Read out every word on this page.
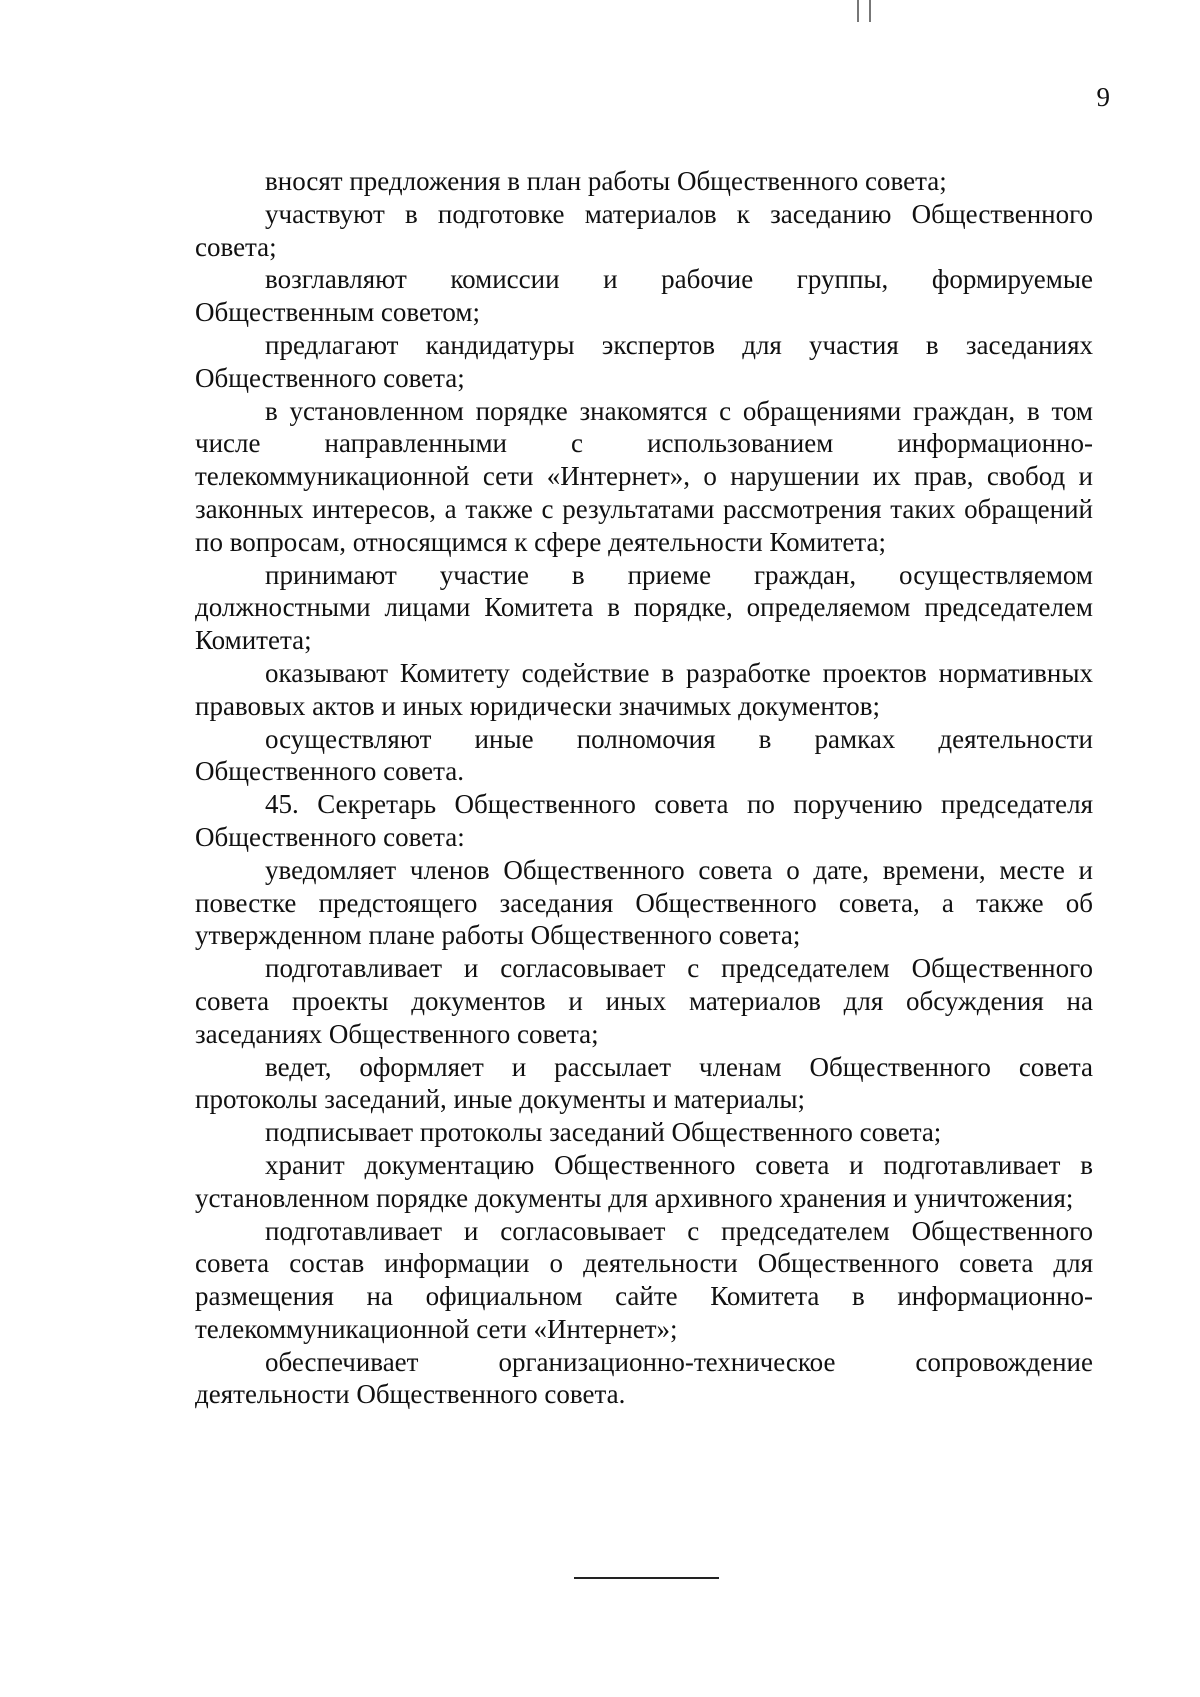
9

вносят предложения в план работы Общественного совета;

участвуют в подготовке материалов к заседанию Общественного совета;

возглавляют комиссии и рабочие группы, формируемые Общественным советом;

предлагают кандидатуры экспертов для участия в заседаниях Общественного совета;

в установленном порядке знакомятся с обращениями граждан, в том числе направленными с использованием информационно-телекоммуникационной сети «Интернет», о нарушении их прав, свобод и законных интересов, а также с результатами рассмотрения таких обращений по вопросам, относящимся к сфере деятельности Комитета;

принимают участие в приеме граждан, осуществляемом должностными лицами Комитета в порядке, определяемом председателем Комитета;

оказывают Комитету содействие в разработке проектов нормативных правовых актов и иных юридически значимых документов;

осуществляют иные полномочия в рамках деятельности Общественного совета.

45. Секретарь Общественного совета по поручению председателя Общественного совета:

уведомляет членов Общественного совета о дате, времени, месте и повестке предстоящего заседания Общественного совета, а также об утвержденном плане работы Общественного совета;

подготавливает и согласовывает с председателем Общественного совета проекты документов и иных материалов для обсуждения на заседаниях Общественного совета;

ведет, оформляет и рассылает членам Общественного совета протоколы заседаний, иные документы и материалы;

подписывает протоколы заседаний Общественного совета;

хранит документацию Общественного совета и подготавливает в установленном порядке документы для архивного хранения и уничтожения;

подготавливает и согласовывает с председателем Общественного совета состав информации о деятельности Общественного совета для размещения на официальном сайте Комитета в информационно-телекоммуникационной сети «Интернет»;

обеспечивает организационно-техническое сопровождение деятельности Общественного совета.
